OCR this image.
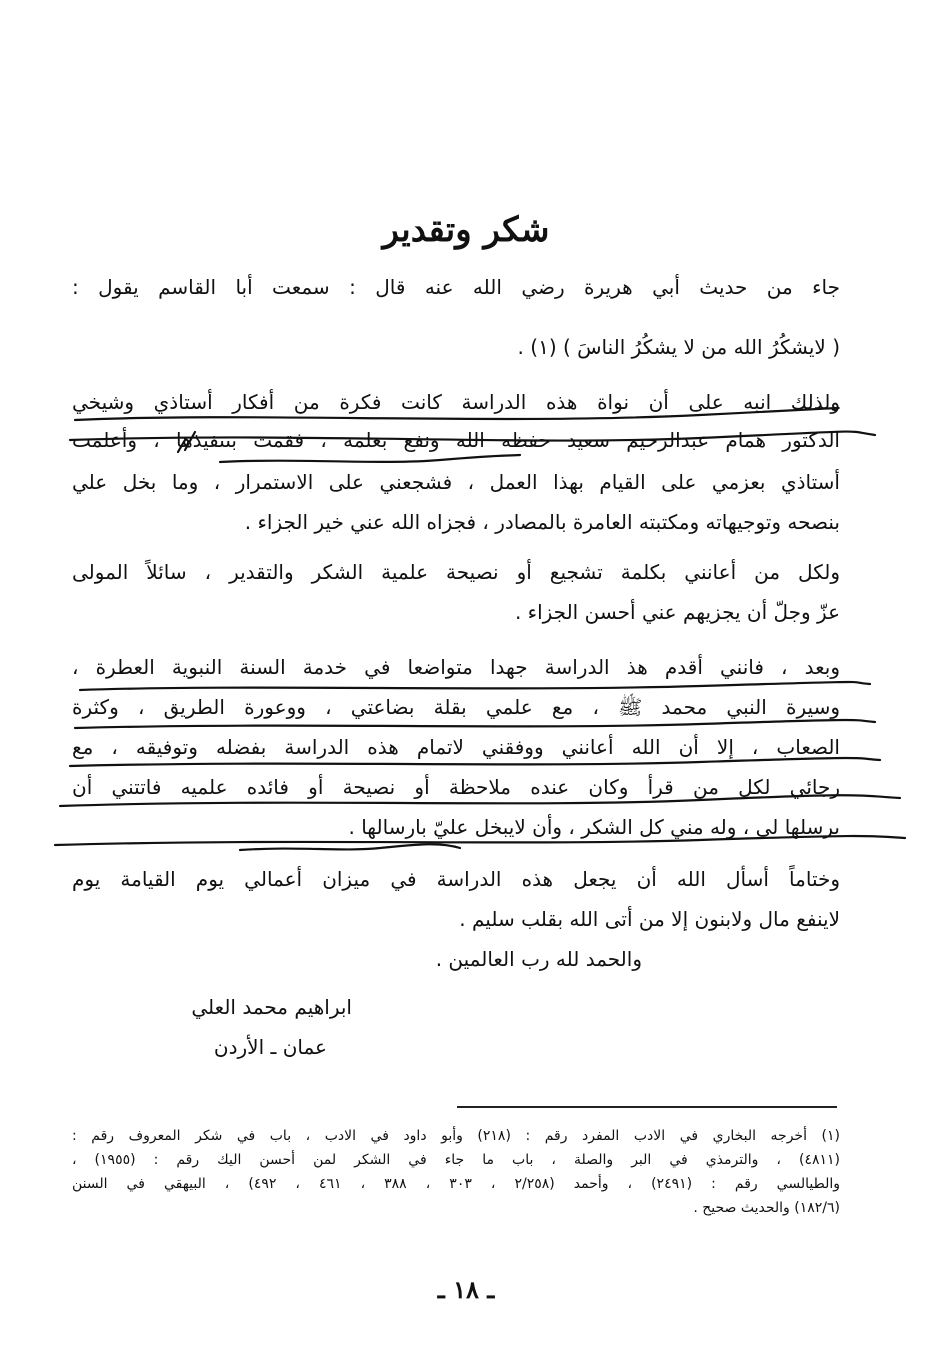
شكر وتقدير
جاء من حديث أبي هريرة رضي الله عنه قال : سمعت أبا القاسم يقول :
( لايشكُرُ الله من لا يشكُرُ الناسَ ) (١) .
ولذلك انبه على أن نواة هذه الدراسة كانت فكرة من أفكار أستاذي وشيخي
الدكتور همام عبدالرحيم سعيد حفظه الله ونفع بعلمه ، فقمت بتنفيذها ، وأعلمت
أستاذي بعزمي على القيام بهذا العمل ، فشجعني على الاستمرار ، وما بخل علي
بنصحه وتوجيهاته ومكتبته العامرة بالمصادر ، فجزاه الله عني خير الجزاء .
ولكل من أعانني بكلمة تشجيع أو نصيحة علمية الشكر والتقدير ، سائلاً المولى
عزّ وجلّ أن يجزيهم عني أحسن الجزاء .
وبعد ، فانني أقدم هذ الدراسة جهدا متواضعا في خدمة السنة النبوية العطرة ،
وسيرة النبي محمد ﷺ ، مع علمي بقلة بضاعتي ، ووعورة الطريق ، وكثرة
الصعاب ، إلا أن الله أعانني ووفقني لاتمام هذه الدراسة بفضله وتوفيقه ، مع
رجائي لكل من قرأ وكان عنده ملاحظة أو نصيحة أو فائده علميه فاتتني أن
يرسلها لي ، وله مني كل الشكر ، وأن لايبخل عليّ بارسالها .
وختاماً أسأل الله أن يجعل هذه الدراسة في ميزان أعمالي يوم القيامة يوم
لاينفع مال ولابنون إلا من أتى الله بقلب سليم .
والحمد لله رب العالمين .
ابراهيم محمد العلي
عمان ـ الأردن
(١) أخرجه البخاري في الادب المفرد رقم : (٢١٨) وأبو داود في الادب ، باب في شكر المعروف رقم :
(٤٨١١) ، والترمذي في البر والصلة ، باب ما جاء في الشكر لمن أحسن اليك رقم : (١٩٥٥) ،
والطيالسي رقم : (٢٤٩١) ، وأحمد (٢/٢٥٨ ، ٣٠٣ ، ٣٨٨ ، ٤٦١ ، ٤٩٢) ، البيهقي في السنن
(١٨٢/٦) والحديث صحيح .
ـ ١٨ ـ
